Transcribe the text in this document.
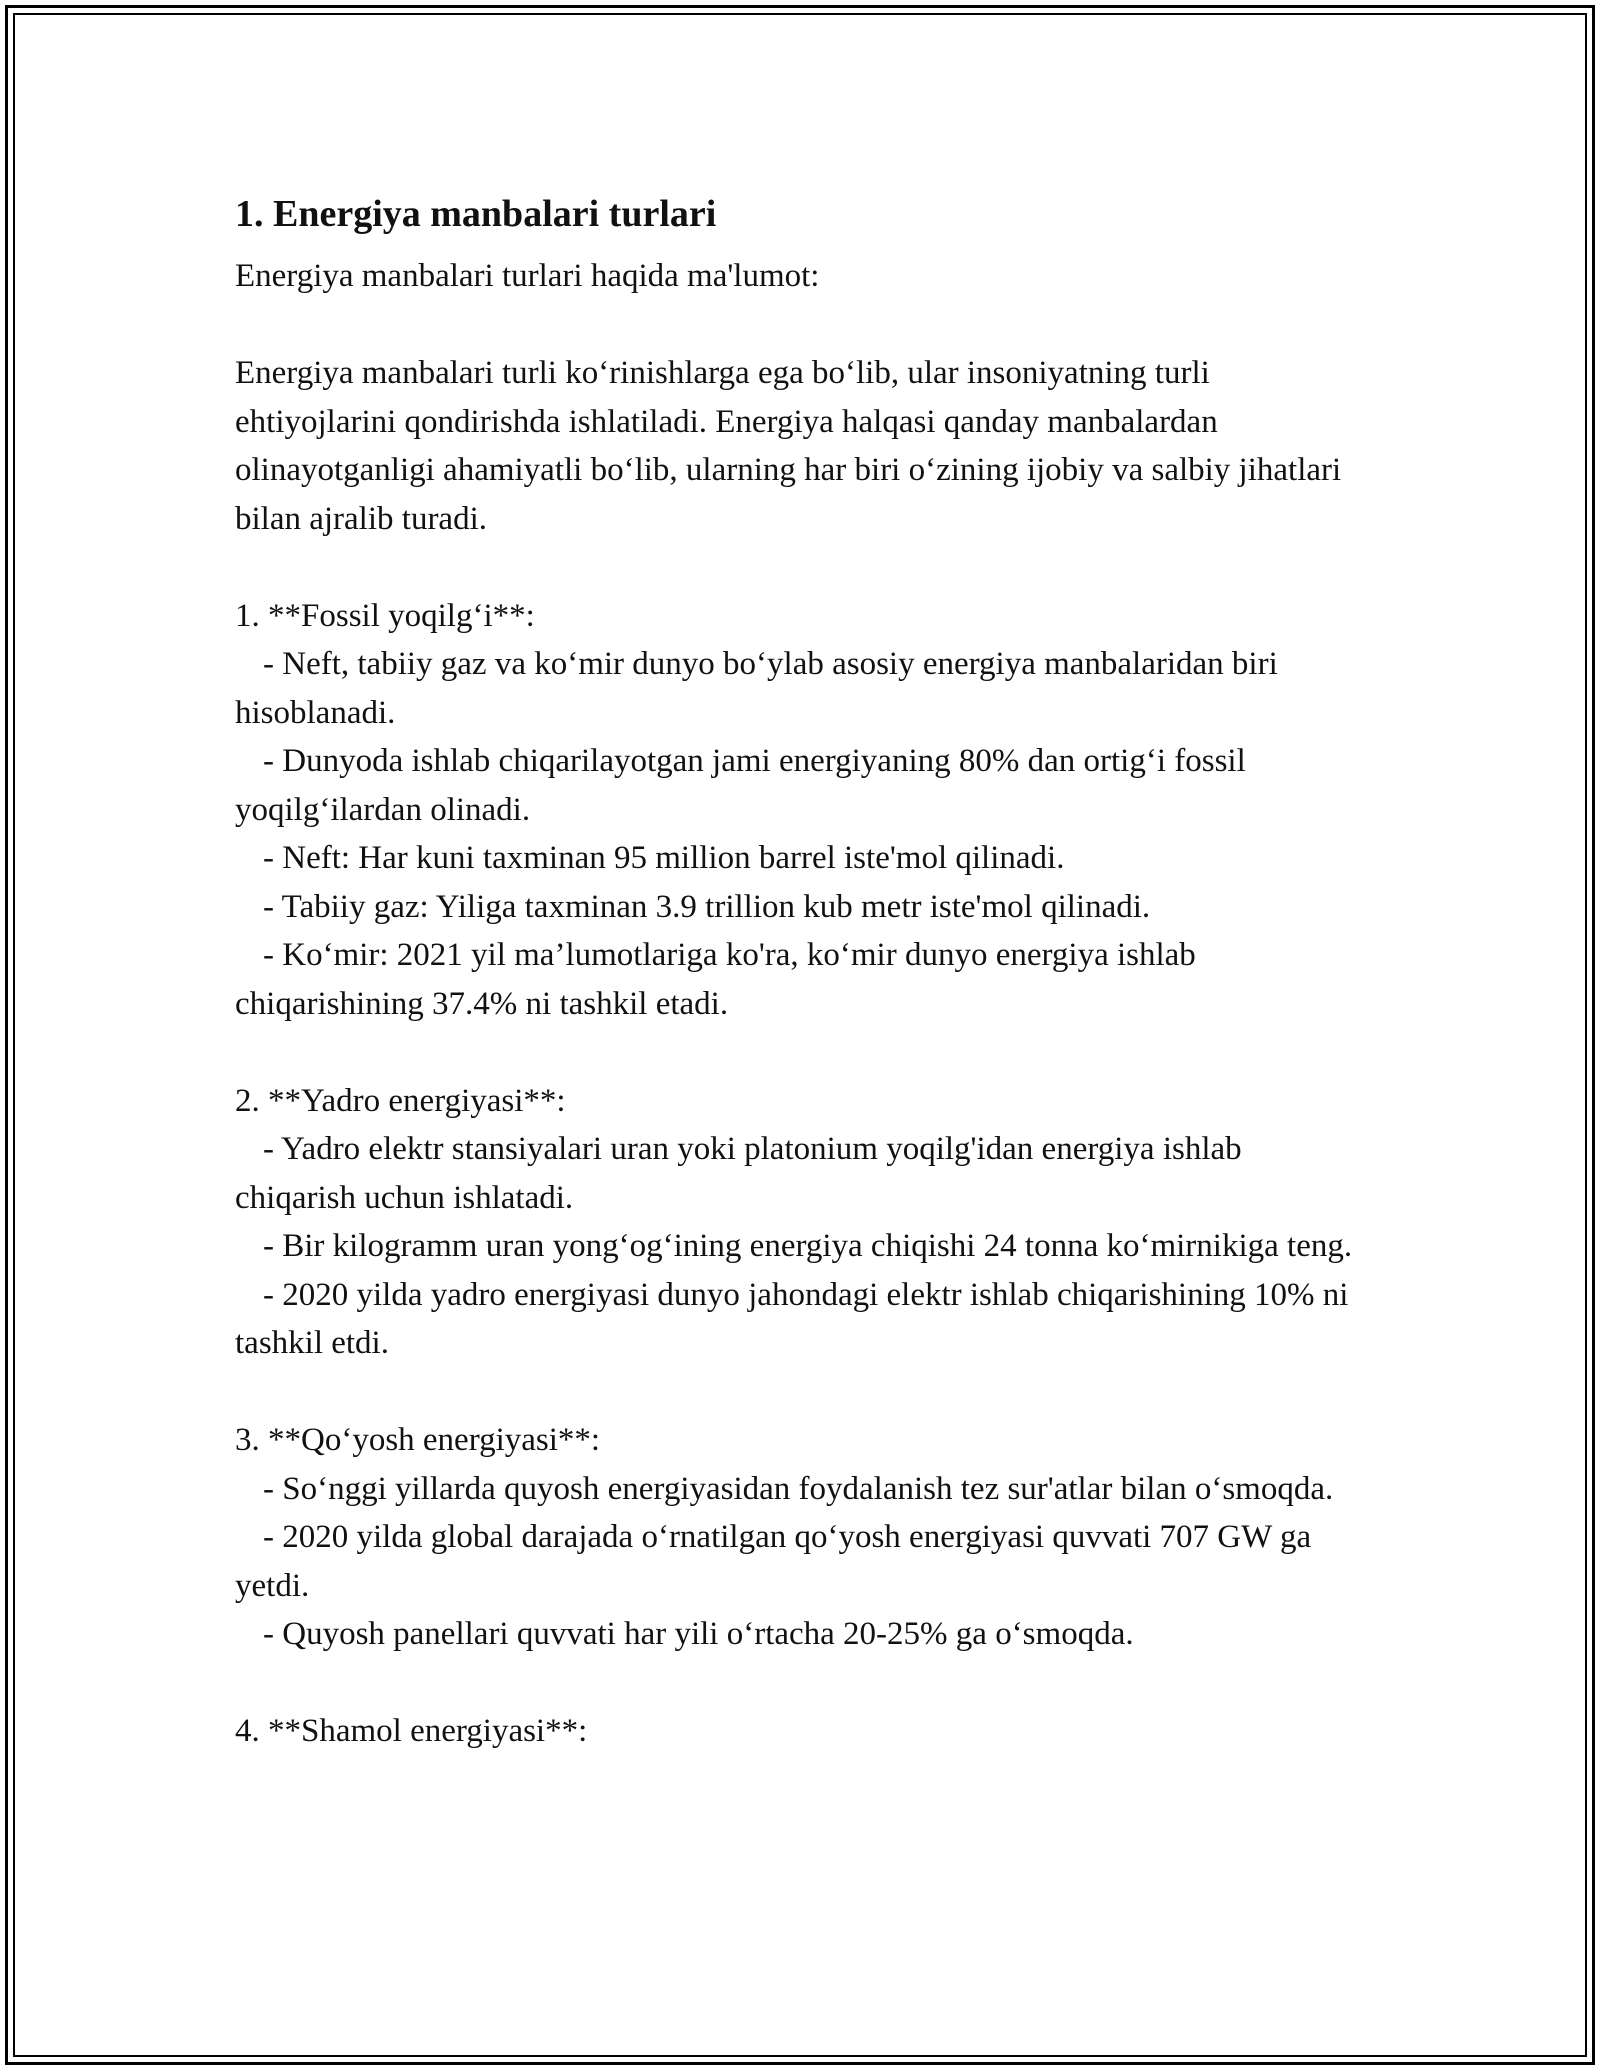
1. Energiya manbalari turlari

Energiya manbalari turlari haqida ma'lumot:

Energiya manbalari turli ko‘rinishlarga ega bo‘lib, ular insoniyatning turli ehtiyojlarini qondirishda ishlatiladi. Energiya halqasi qanday manbalardan olinayotganligi ahamiyatli bo‘lib, ularning har biri o‘zining ijobiy va salbiy jihatlari bilan ajralib turadi.

1. **Fossil yoqilg‘i**:
- Neft, tabiiy gaz va ko‘mir dunyo bo‘ylab asosiy energiya manbalaridan biri hisoblanadi.
- Dunyoda ishlab chiqarilayotgan jami energiyaning 80% dan ortig‘i fossil yoqilg‘ilardan olinadi.
- Neft: Har kuni taxminan 95 million barrel iste'mol qilinadi.
- Tabiiy gaz: Yiliga taxminan 3.9 trillion kub metr iste'mol qilinadi.
- Ko‘mir: 2021 yil ma’lumotlariga ko'ra, ko‘mir dunyo energiya ishlab chiqarishining 37.4% ni tashkil etadi.
2. **Yadro energiyasi**:
- Yadro elektr stansiyalari uran yoki platonium yoqilg'idan energiya ishlab chiqarish uchun ishlatadi.
- Bir kilogramm uran yong‘og‘ining energiya chiqishi 24 tonna ko‘mirnikiga teng.
- 2020 yilda yadro energiyasi dunyo jahondagi elektr ishlab chiqarishining 10% ni tashkil etdi.
3. **Qo‘yosh energiyasi**:
- So‘nggi yillarda quyosh energiyasidan foydalanish tez sur'atlar bilan o‘smoqda.
- 2020 yilda global darajada o‘rnatilgan qo‘yosh energiyasi quvvati 707 GW ga yetdi.
- Quyosh panellari quvvati har yili o‘rtacha 20-25% ga o‘smoqda.
4. **Shamol energiyasi**:
